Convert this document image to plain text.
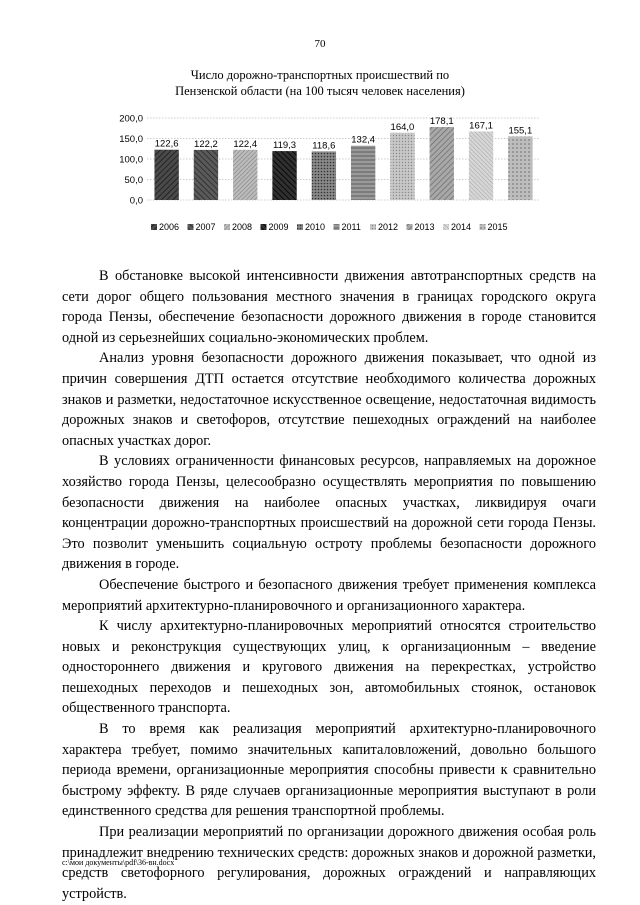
70
Число дорожно-транспортных происшествий по
Пензенской области (на 100 тысяч человек населения)
0,0
50,0
100,0
150,0
200,0
122,6 122,2 122,4 119,3 118,6
132,4
164,0
178,1 167,1 155,1
2006 2007 2008 2009 2010 2011 2012 2013 2014 2015

В обстановке высокой интенсивности движения автотранспортных средств на сети дорог общего пользования местного значения в границах городского округа города Пензы, обеспечение безопасности дорожного движения в городе становится одной из серьезнейших социально-экономических проблем.

Анализ уровня безопасности дорожного движения показывает, что одной из причин совершения ДТП остается отсутствие необходимого количества дорожных знаков и разметки, недостаточное искусственное освещение, недостаточная видимость дорожных знаков и светофоров, отсутствие пешеходных ограждений на наиболее опасных участках дорог.

В условиях ограниченности финансовых ресурсов, направляемых на дорожное хозяйство города Пензы, целесообразно осуществлять мероприятия по повышению безопасности движения на наиболее опасных участках, ликвидируя очаги концентрации дорожно-транспортных происшествий на дорожной сети города Пензы. Это позволит уменьшить социальную остроту проблемы безопасности дорожного движения в городе.

Обеспечение быстрого и безопасного движения требует применения комплекса мероприятий архитектурно-планировочного и организационного характера.

К числу архитектурно-планировочных мероприятий относятся строительство новых и реконструкция существующих улиц, к организационным – введение одностороннего движения и кругового движения на перекрестках, устройство пешеходных переходов и пешеходных зон, автомобильных стоянок, остановок общественного транспорта.

В то время как реализация мероприятий архитектурно-планировочного характера требует, помимо значительных капиталовложений, довольно большого периода времени, организационные мероприятия способны привести к сравнительно быстрому эффекту. В ряде случаев организационные мероприятия выступают в роли единственного средства для решения транспортной проблемы.

При реализации мероприятий по организации дорожного движения особая роль принадлежит внедрению технических средств: дорожных знаков и дорожной разметки, средств светофорного регулирования, дорожных ограждений и направляющих устройств.

c:\мои документы\pdf\36-вн.docx
